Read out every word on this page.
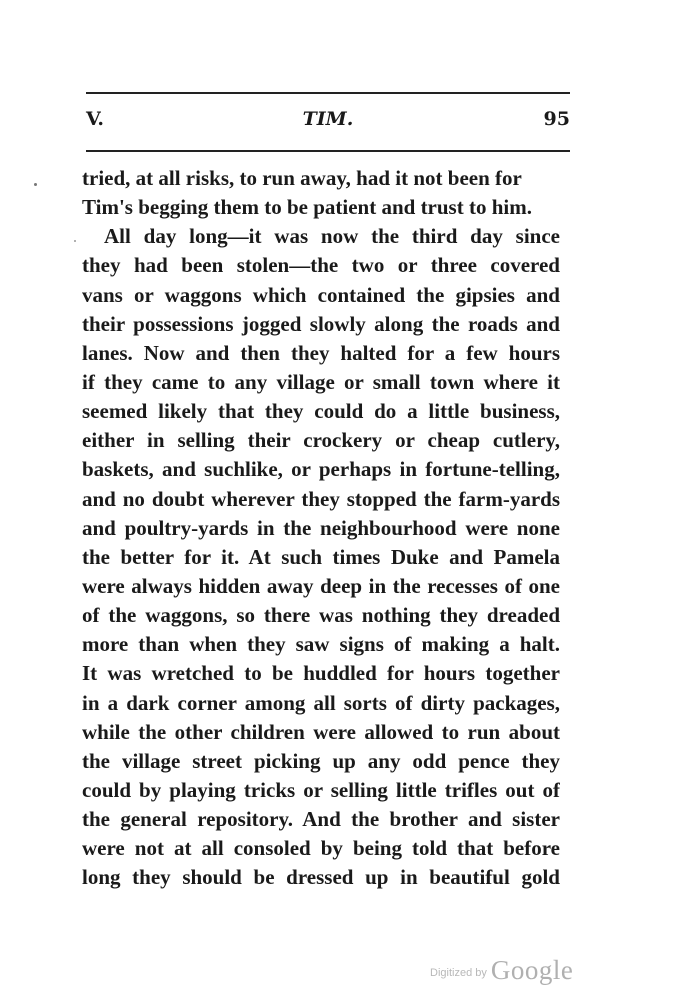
V.	TIM.	95
tried, at all risks, to run away, had it not been for
Tim's begging them to be patient and trust to him.
All day long—it was now the third day since
they had been stolen—the two or three covered
vans or waggons which contained the gipsies and
their possessions jogged slowly along the roads and
lanes. Now and then they halted for a few hours
if they came to any village or small town where it
seemed likely that they could do a little business,
either in selling their crockery or cheap cutlery,
baskets, and suchlike, or perhaps in fortune-telling,
and no doubt wherever they stopped the farm-yards
and poultry-yards in the neighbourhood were none
the better for it. At such times Duke and Pamela
were always hidden away deep in the recesses of one
of the waggons, so there was nothing they dreaded
more than when they saw signs of making a halt.
It was wretched to be huddled for hours together
in a dark corner among all sorts of dirty packages,
while the other children were allowed to run about
the village street picking up any odd pence they
could by playing tricks or selling little trifles out of
the general repository. And the brother and sister
were not at all consoled by being told that before
long they should be dressed up in beautiful gold
Digitized by Google
